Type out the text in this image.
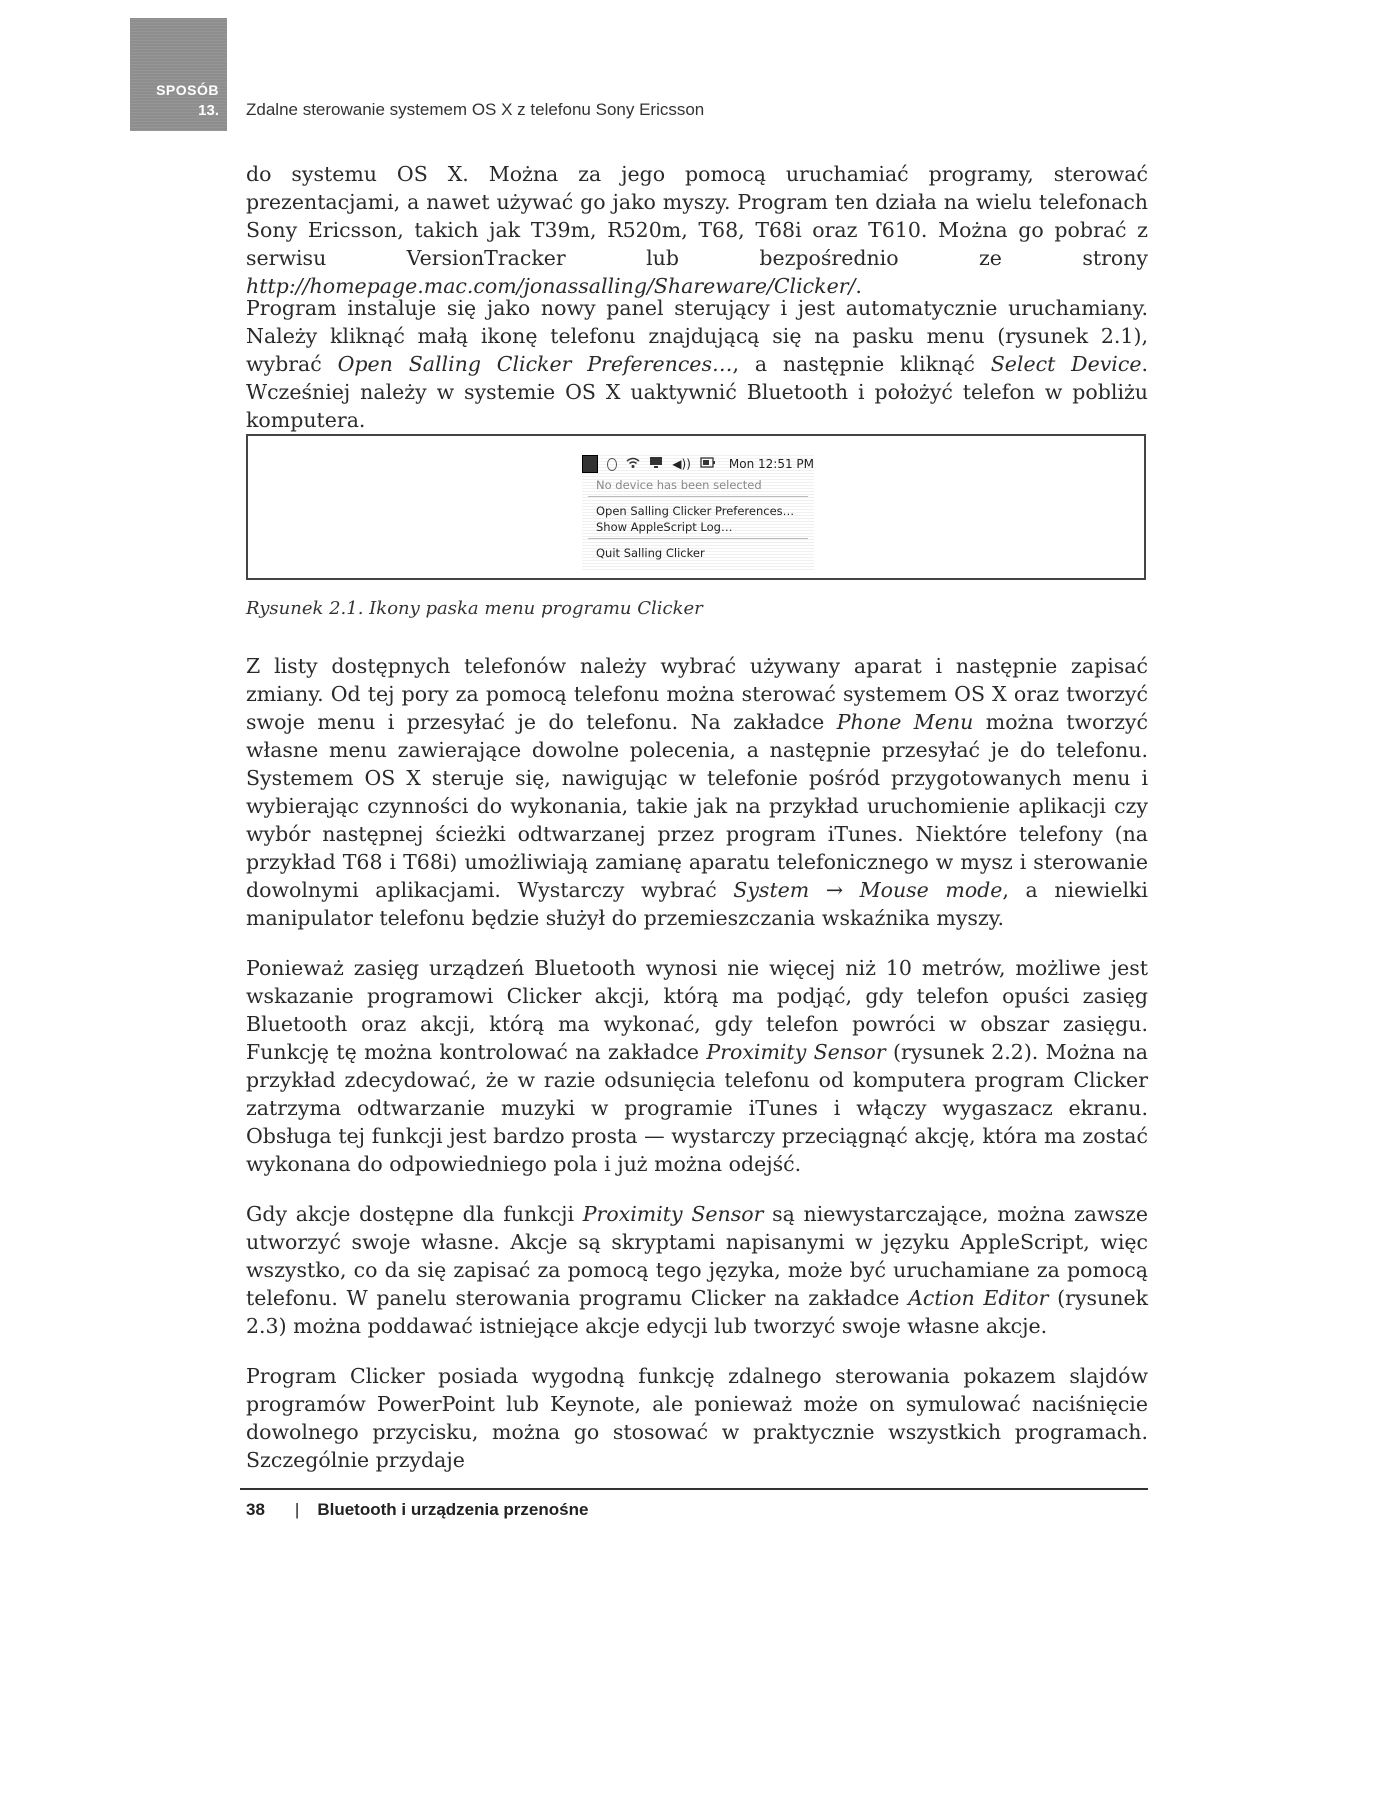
SPOSÓB
13. Zdalne sterowanie systemem OS X z telefonu Sony Ericsson

do systemu OS X. Można za jego pomocą uruchamiać programy, sterować prezentacjami, a nawet używać go jako myszy. Program ten działa na wielu telefonach Sony Ericsson, takich jak T39m, R520m, T68, T68i oraz T610. Można go pobrać z serwisu VersionTracker lub bezpośrednio ze strony http://homepage.mac.com/jonassalling/Shareware/Clicker/.

Program instaluje się jako nowy panel sterujący i jest automatycznie uruchamiany. Należy kliknąć małą ikonę telefonu znajdującą się na pasku menu (rysunek 2.1), wybrać Open Salling Clicker Preferences…, a następnie kliknąć Select Device. Wcześniej należy w systemie OS X uaktywnić Bluetooth i położyć telefon w pobliżu komputera.

◀))	Mon 12:51 PM
No device has been selected
Open Salling Clicker Preferences…
Show AppleScript Log…
Quit Salling Clicker
Rysunek 2.1. Ikony paska menu programu Clicker

Z listy dostępnych telefonów należy wybrać używany aparat i następnie zapisać zmiany. Od tej pory za pomocą telefonu można sterować systemem OS X oraz tworzyć swoje menu i przesyłać je do telefonu. Na zakładce Phone Menu można tworzyć własne menu zawierające dowolne polecenia, a następnie przesyłać je do telefonu. Systemem OS X steruje się, nawigując w telefonie pośród przygotowanych menu i wybierając czynności do wykonania, takie jak na przykład uruchomienie aplikacji czy wybór następnej ścieżki odtwarzanej przez program iTunes. Niektóre telefony (na przykład T68 i T68i) umożliwiają zamianę aparatu telefonicznego w mysz i sterowanie dowolnymi aplikacjami. Wystarczy wybrać System → Mouse mode, a niewielki manipulator telefonu będzie służył do przemieszczania wskaźnika myszy.

Ponieważ zasięg urządzeń Bluetooth wynosi nie więcej niż 10 metrów, możliwe jest wskazanie programowi Clicker akcji, którą ma podjąć, gdy telefon opuści zasięg Bluetooth oraz akcji, którą ma wykonać, gdy telefon powróci w obszar zasięgu. Funkcję tę można kontrolować na zakładce Proximity Sensor (rysunek 2.2). Można na przykład zdecydować, że w razie odsunięcia telefonu od komputera program Clicker zatrzyma odtwarzanie muzyki w programie iTunes i włączy wygaszacz ekranu. Obsługa tej funkcji jest bardzo prosta — wystarczy przeciągnąć akcję, która ma zostać wykonana do odpowiedniego pola i już można odejść.

Gdy akcje dostępne dla funkcji Proximity Sensor są niewystarczające, można zawsze utworzyć swoje własne. Akcje są skryptami napisanymi w języku AppleScript, więc wszystko, co da się zapisać za pomocą tego języka, może być uruchamiane za pomocą telefonu. W panelu sterowania programu Clicker na zakładce Action Editor (rysunek 2.3) można poddawać istniejące akcje edycji lub tworzyć swoje własne akcje.

Program Clicker posiada wygodną funkcję zdalnego sterowania pokazem slajdów programów PowerPoint lub Keynote, ale ponieważ może on symulować naciśnięcie dowolnego przycisku, można go stosować w praktycznie wszystkich programach. Szczególnie przydaje

38 | Bluetooth i urządzenia przenośne
